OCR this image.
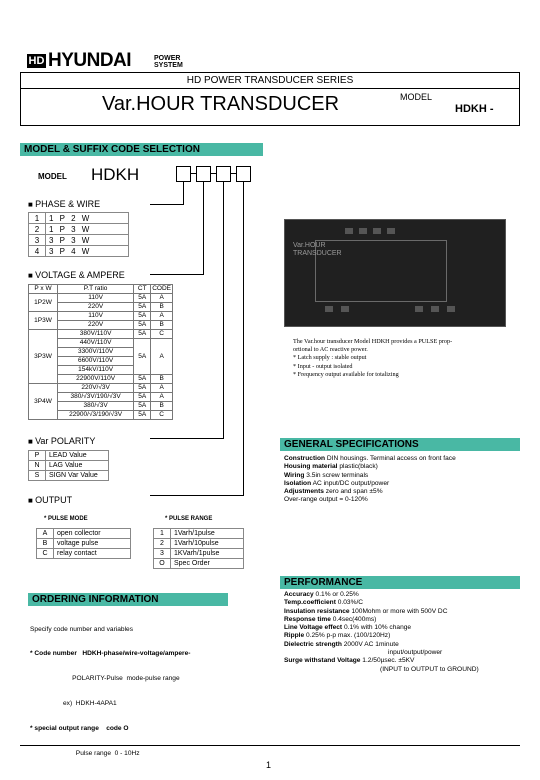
HD HYUNDAI	POWER
SYSTEM
HD POWER TRANSDUCER SERIES
Var.HOUR TRANSDUCER	MODEL
HDKH -
MODEL & SUFFIX CODE SELECTION
MODEL HDKH
■ PHASE & WIRE
1	1 P 2 W
2	1 P 3 W
3	3 P 3 W
4	3 P 4 W
■ VOLTAGE & AMPERE
P x W	P.T ratio	CT	CODE
1P2W	110V	5A	A
	220V	5A	B
1P3W	110V	5A	A
	220V	5A	B
3P3W	380V/110V	5A	C
	440V/110V	5A	A
	3300V/110V		
	6600V/110V		
	154kV/110V		
	22900V/110V	5A	B
3P4W	220V/√3V	5A	A
	380/√3V/190/√3V	5A	A
	380/√3V	5A	B
	22900/√3/190/√3V	5A	C
■ Var POLARITY
P	LEAD Value
N	LAG Value
S	SIGN Var Value
■ OUTPUT
* PULSE MODE
A	open collector
B	voltage pulse
C	relay contact
* PULSE RANGE
1	1Varh/1pulse
2	1Varh/10pulse
3	1KVarh/1pulse
O	Spec Order
Var.HOUR
TRANSDUCER
The Var.hour transducer Model HDKH provides a PULSE prop-
ortional to AC reactive power.
* Latch supply : stable output
* Input - output isolated
* Frequency output available for totalizing
GENERAL SPECIFICATIONS
Construction DIN housings. Terminal access on front face
Housing material plastic(black)
Wiring 3.5in screw terminals
Isolation AC input/DC output/power
Adjustments zero and span ±5%
Over-range output = 0-120%
PERFORMANCE
Accuracy 0.1% or 0.25%
Temp.coefficient 0.03%/C
Insulation resistance 100Mohm or more with 500V DC
Response time 0.4sec(400ms)
Line Voltage effect 0.1% with 10% change
Ripple 0.25% p-p max. (100/120Hz)
Dielectric strength 2000V AC 1minute
input/output/power
Surge withstand Voltage 1.2/50µsec. ±5KV
(INPUT to OUTPUT to GROUND)
ORDERING INFORMATION

Specify code number and variables

* Code number   HDKH-phase/wire-voltage/ampere-

POLARITY-Pulse  mode-pulse range

ex)  HDKH-4APA1

* special output range    code O

Pulse range  0 - 10Hz

1
